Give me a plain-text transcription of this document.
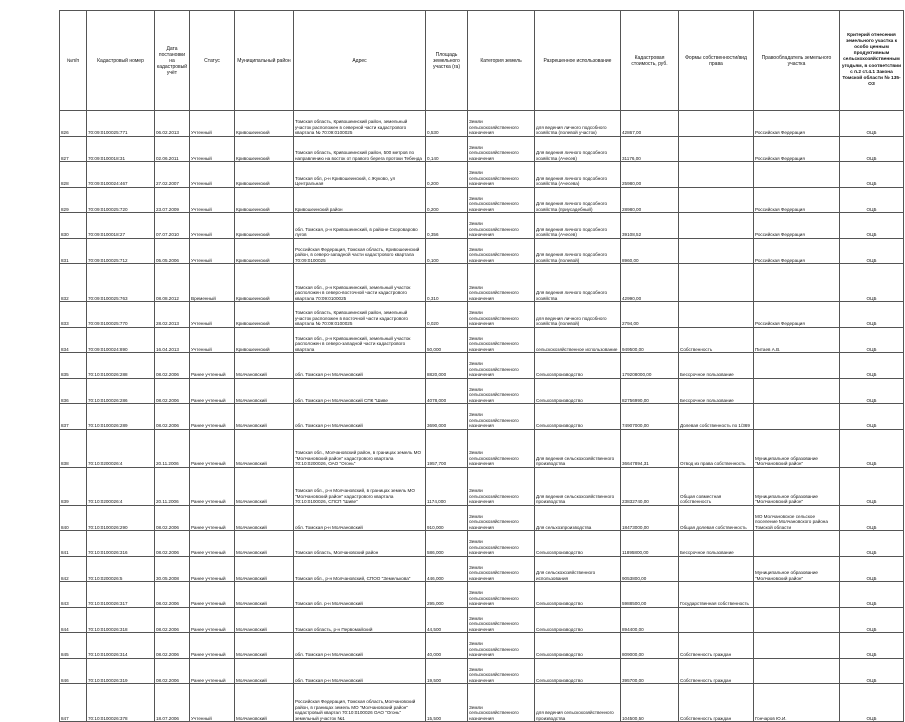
№п/п	Кадастровый номер	Дата постановки на кадастровый учёт	Статус	Муниципальный район	Адрес	Площадь земельного участка (га)	Категория земель	Разрешенное использование	Кадастровая стоимость, руб.	Формы собственности/вид права	Правообладатель земельного участка	Критерий отнесения земельного участка к особо ценным продуктивным сельскохозяйственным угодьям, в соответствии с п.2 ст.4.1 Закона Томской области № 135-ОЗ
826	70:09:0100025:771	06.02.2013	Учтенный	Кривошеинский	Томская область, Кривошеинский район, земельный участок расположен в северной части кадастрового квартала № 70:09:0100025	0,530	Земли сельскохозяйственного назначения	для ведения личного подсобного хозяйства (полевой участок)	42867,00		Российская Федерация	ОЦБ
827	70:09:0100018:31	02.06.2011	Учтенный	Кривошеинский	Томская область, Кривошеинский район, 500 метров по направлению на восток от правого берега протоки Тебенда	0,140	Земли сельскохозяйственного назначения	Для ведения личного подсобного хозяйства (Ачесев)	31176,00		Российская Федерация	ОЦБ
828	70:09:0100024:467	27.02.2007	Учтенный	Кривошеинский	Томская обл, р-н Кривошеинский, с Жуково, ул Центральная	0,200	Земли сельскохозяйственного назначения	Для ведения личного подсобного хозяйства (Ачесева)	25980,00			ОЦБ
829	70:09:0100025:720	23.07.2009	Учтенный	Кривошеинский	Кривошеинский район	0,200	Земли сельскохозяйственного назначения	Для ведения личного подсобного хозяйства (приусадебный)	28980,00		Российская Федерация	ОЦБ
830	70:09:0100018:27	07.07.2010	Учтенный	Кривошеинский	обл. Томская, р-н Кривошеинский, в районе Скороварово лугов	0,356	Земли сельскохозяйственного назначения	Для ведения личного подсобного хозяйства (Ачесев)	39108,52		Российская Федерация	ОЦБ
831	70:09:0100025:712	05.05.2006	Учтенный	Кривошеинский	Российская Федерация, Томская область, Кривошеинский район, в северо-западной части кадастрового квартала 70:09:0100025	0,100	Земли сельскохозяйственного назначения	Для ведения личного подсобного хозяйства (полевой)	8960,00		Российская Федерация	ОЦБ
832	70:09:0100025:763	08.08.2012	Временный	Кривошеинский	Томская обл., р-н Кривошеинский, земельный участок расположен в северо-восточной части кадастрового квартала 70:09:0100025	0,310	Земли сельскохозяйственного назначения	Для ведения личного подсобного хозяйства	42990,00			ОЦБ
833	70:09:0100025:770	28.02.2013	Учтенный	Кривошеинский	Томская область, Кривошеинский район, земельный участок расположен в восточной части кадастрового квартала № 70:09:0100025	0,020	Земли сельскохозяйственного назначения	для ведения личного подсобного хозяйства (полевой)	2794,00		Российская Федерация	ОЦБ
834	70:09:0100024:890	16.04.2013	Учтенный	Кривошеинский	Томская обл., р-н Кривошеинский, земельный участок расположен в северо-западной части кадастрового квартала	50,000	Земли сельскохозяйственного назначения	сельскохозяйственное использование	949500,00	Собственность	Питаев А.В.	ОЦБ
835	70:10:0100026:288	08.02.2006	Ранее учтенный	Молчановский	обл. Томская р-н Молчановский	8820,000	Земли сельскохозяйственного назначения	Сельхозпроизводство	179208000,00	Бессрочное пользование		ОЦБ
836	70:10:0100026:286	08.02.2006	Ранее учтенный	Молчановский	обл. Томская р-н Молчановский СПК "Шиве	4078,000	Земли сельскохозяйственного назначения	Сельхозпроизводство	82756990,00	Бессрочное пользование		ОЦБ
837	70:10:0100026:289	08.02.2006	Ранее учтенный	Молчановский	обл. Томская р-н Молчановский	3690,000	Земли сельскохозяйственного назначения	Сельхозпроизводство	74907000,00	Долевая собственность по 1/369		ОЦБ
838	70:10:0200026:4	20.11.2006	Ранее учтенный	Молчановский	Томская обл., Молчановский район, в границах земель МО "Молчановский район" кадастрового квартала 70:10:0200026, ОАО "Огонь"	1957,700	Земли сельскохозяйственного назначения	Для ведения сельскохозяйственного производства	36647894,31	Отвод из права собственность	Муниципальное образование "Молчановский район"	ОЦБ
839	70:10:0200026:4	20.11.2006	Ранее учтенный	Молчановский	Томская обл., р-н Молчановский, в границах земель МО "Молчановский район" кадастрового квартала 70:10:0100026, СПСП "Шиве"	1174,000	Земли сельскохозяйственного назначения	Для ведения сельскохозяйственного производства	23832740,00	Общая совместная собственность	Муниципальное образование "Молчановский район"	ОЦБ
840	70:10:0100026:290	08.02.2006	Ранее учтенный	Молчановский	обл. Томская р-н Молчановский	910,000	Земли сельскохозяйственного назначения	Для сельхозпроизводства	18473000,00	Общая долевая собственность	МО Молчановское сельское поселение Молчановского района Томской области	ОЦБ
841	70:10:0100026:316	08.02.2006	Ранее учтенный	Молчановский	Томская область, Молчановский район	586,000	Земли сельскохозяйственного назначения	Сельхозпроизводство	11895800,00	Бессрочное пользование		ОЦБ
842	70:10:0200026:5	30.05.2008	Ранее учтенный	Молчановский	Томская обл., р-н Молчановский, СПОО "Земелькова"	446,000	Земли сельскохозяйственного назначения	Для сельскохозяйственного использования	9053800,00		Муниципальное образование "Молчановский район"	ОЦБ
843	70:10:0100026:317	08.02.2006	Ранее учтенный	Молчановский	Томская обл. р-н Молчановский	295,000	Земли сельскохозяйственного назначения	Сельхозпроизводство	5988500,00	Государственная собственность		ОЦБ
844	70:10:0100026:318	08.02.2006	Ранее учтенный	Молчановский	Томская область, р-н Первомайский	44,500	Земли сельскохозяйственного назначения	Сельхозпроизводство	894400,00			ОЦБ
845	70:10:0100026:314	08.02.2006	Ранее учтенный	Молчановский	обл. Томская р-н Молчановский	40,000	Земли сельскохозяйственного назначения	Сельхозпроизводство	809000,00	Собственность граждан		ОЦБ
846	70:10:0100026:319	08.02.2006	Ранее учтенный	Молчановский	обл. Томская р-н Молчановский	19,500	Земли сельскохозяйственного назначения	Сельхозпроизводство	395700,00	Собственность граждан		ОЦБ
847	70:10:0100026:378	18.07.2006	Учтенный	Молчановский	Российская Федерация, Томская область,Молчановский район, в границах земель МО "Молчановский район" кадастровый квартал 70:10:0100026 ОАО "Огонь" земельный участок №1	15,500	Земли сельскохозяйственного назначения	для ведения сельскохозяйственного производства	104500,50	Собственность граждан	Гончаров Ю.И.	ОЦБ
